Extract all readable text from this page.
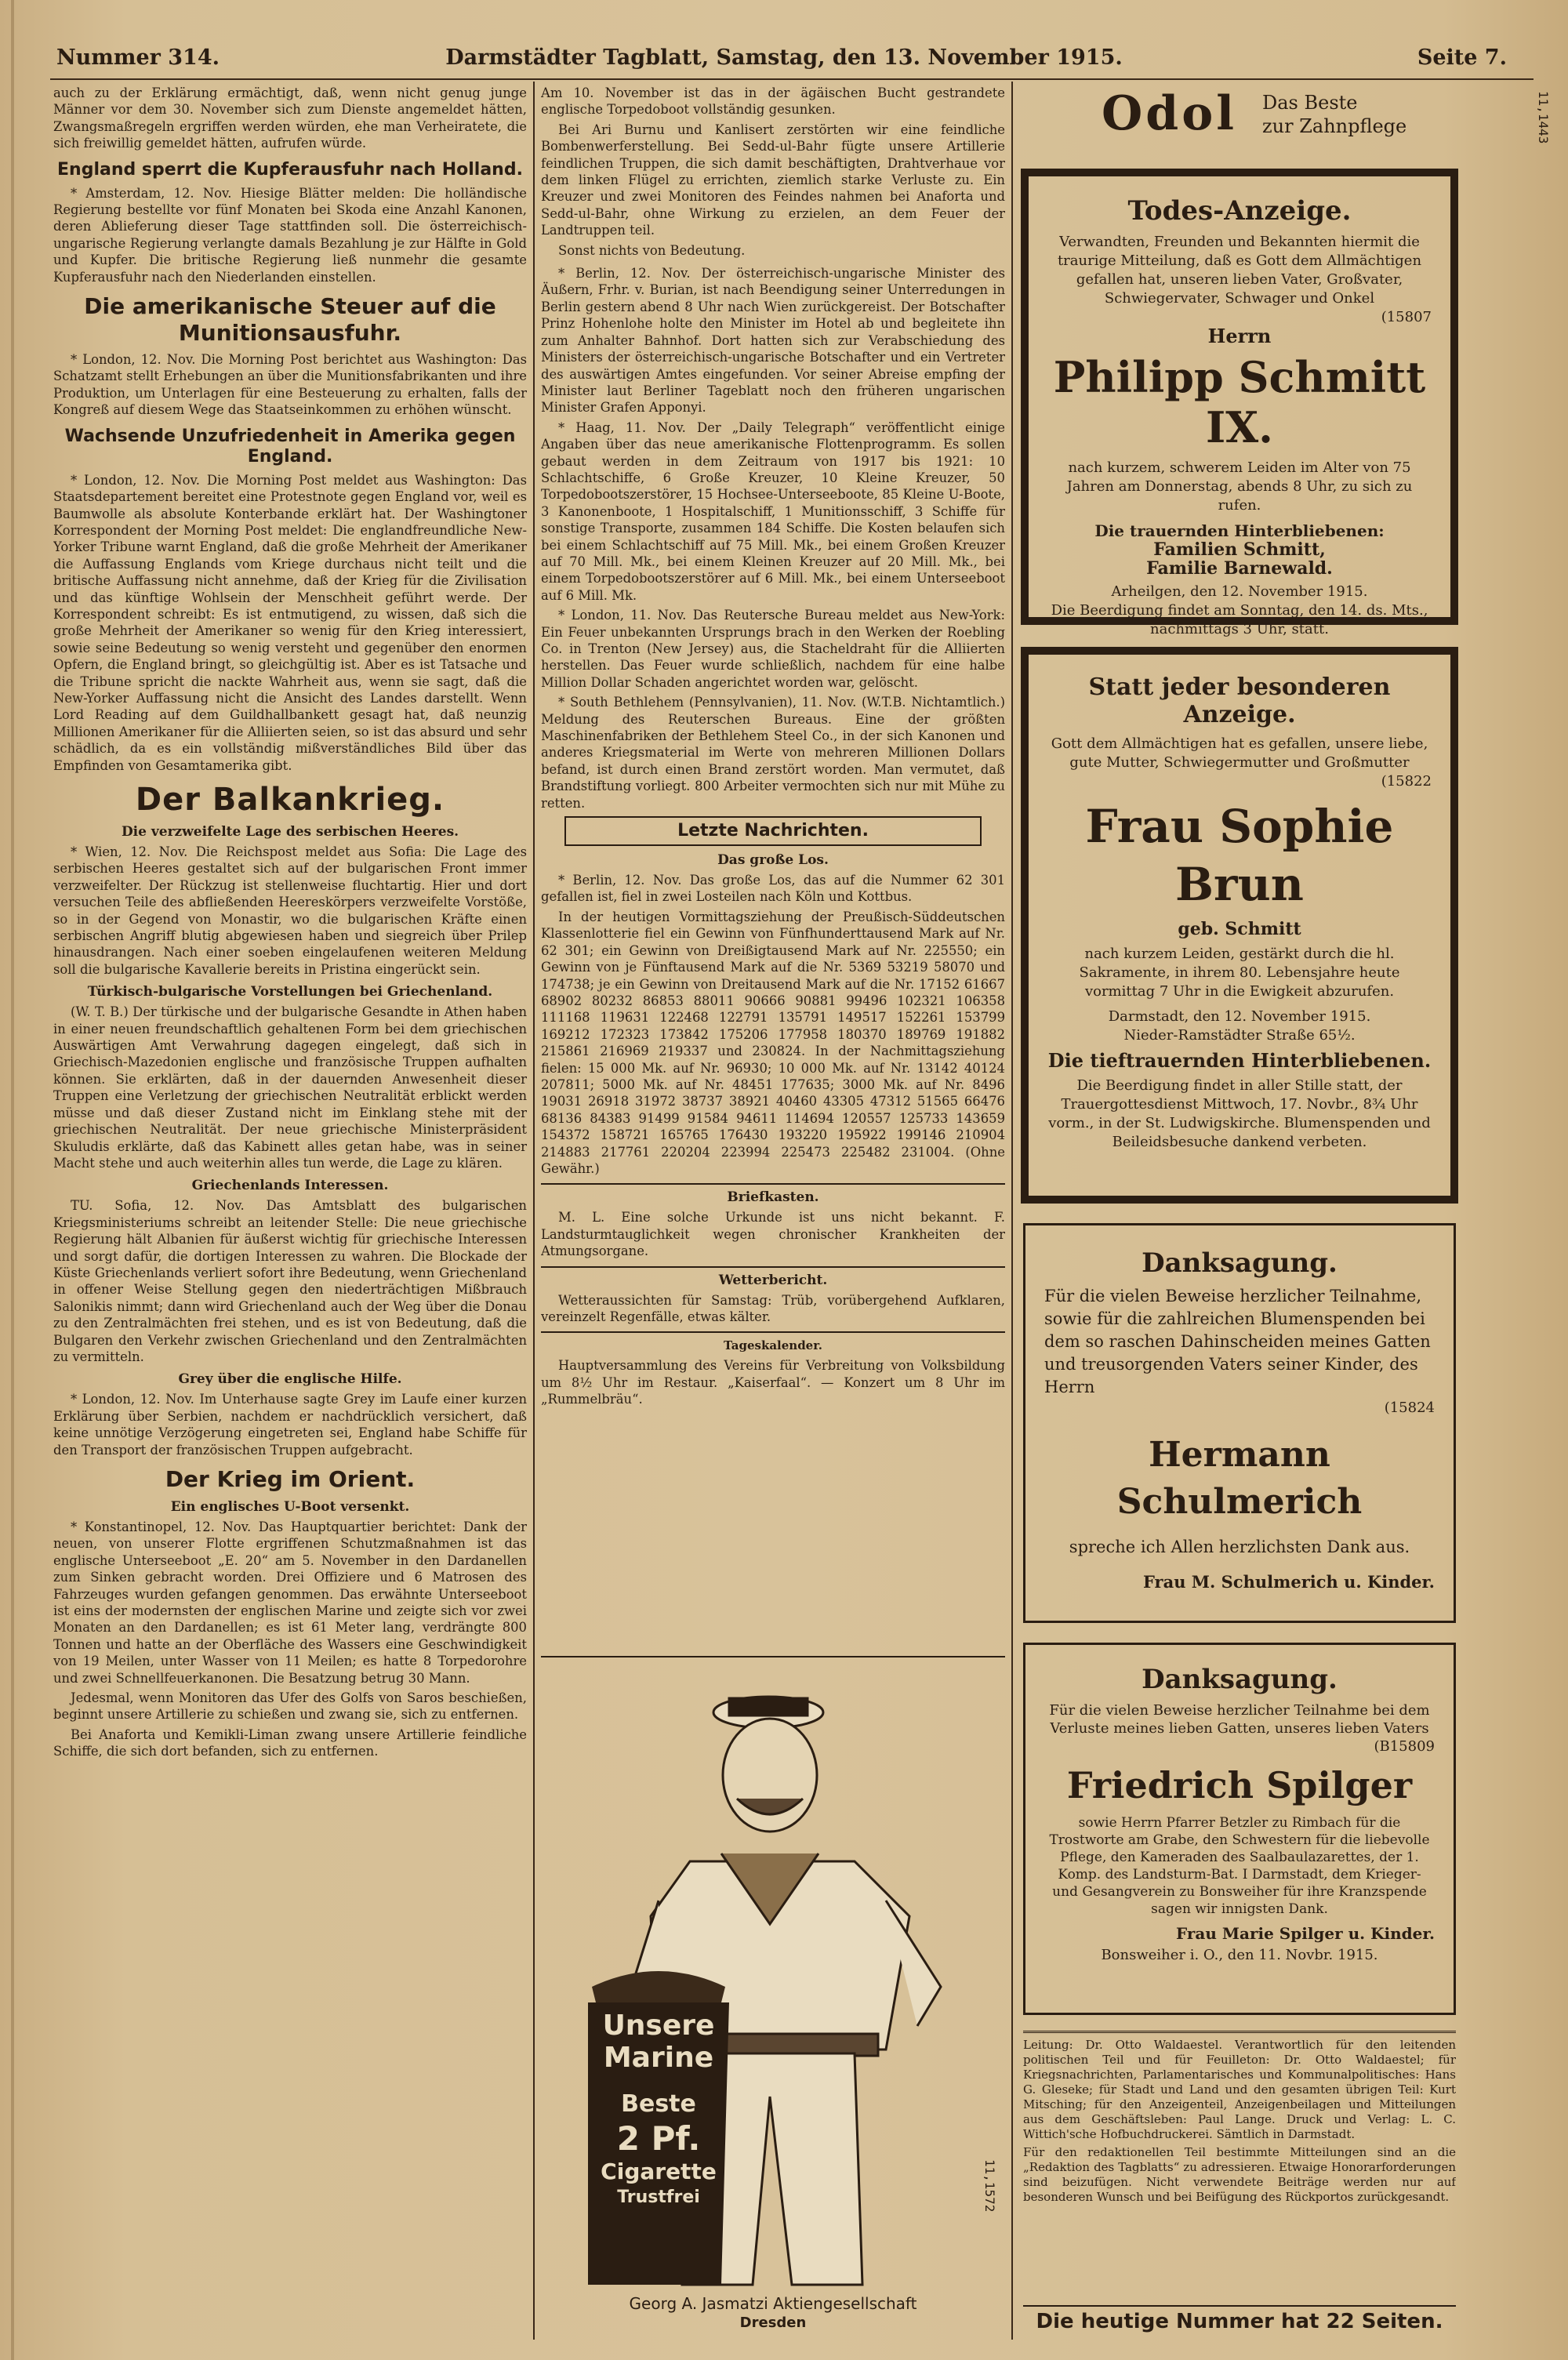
Nummer 314.	Darmstädter Tagblatt, Samstag, den 13. November 1915.	Seite 7.

auch zu der Erklärung ermächtigt, daß, wenn nicht genug junge Männer vor dem 30. November sich zum Dienste angemeldet hätten, Zwangsmaßregeln ergriffen werden würden, ehe man Verheiratete, die sich freiwillig gemeldet hätten, aufrufen würde.

England sperrt die Kupferausfuhr nach Holland.

* Amsterdam, 12. Nov. Hiesige Blätter melden: Die holländische Regierung bestellte vor fünf Monaten bei Skoda eine Anzahl Kanonen, deren Ablieferung dieser Tage stattfinden soll. Die österreichisch-ungarische Regierung verlangte damals Bezahlung je zur Hälfte in Gold und Kupfer. Die britische Regierung ließ nunmehr die gesamte Kupferausfuhr nach den Niederlanden einstellen.

Die amerikanische Steuer auf die Munitionsausfuhr.

* London, 12. Nov. Die Morning Post berichtet aus Washington: Das Schatzamt stellt Erhebungen an über die Munitionsfabrikanten und ihre Produktion, um Unterlagen für eine Besteuerung zu erhalten, falls der Kongreß auf diesem Wege das Staatseinkommen zu erhöhen wünscht.

Wachsende Unzufriedenheit in Amerika gegen England.

* London, 12. Nov. Die Morning Post meldet aus Washington: Das Staatsdepartement bereitet eine Protestnote gegen England vor, weil es Baumwolle als absolute Konterbande erklärt hat. Der Washingtoner Korrespondent der Morning Post meldet: Die englandfreundliche New-Yorker Tribune warnt England, daß die große Mehrheit der Amerikaner die Auffassung Englands vom Kriege durchaus nicht teilt und die britische Auffassung nicht annehme, daß der Krieg für die Zivilisation und das künftige Wohlsein der Menschheit geführt werde. Der Korrespondent schreibt: Es ist entmutigend, zu wissen, daß sich die große Mehrheit der Amerikaner so wenig für den Krieg interessiert, sowie seine Bedeutung so wenig versteht und gegenüber den enormen Opfern, die England bringt, so gleichgültig ist. Aber es ist Tatsache und die Tribune spricht die nackte Wahrheit aus, wenn sie sagt, daß die New-Yorker Auffassung nicht die Ansicht des Landes darstellt. Wenn Lord Reading auf dem Guildhallbankett gesagt hat, daß neunzig Millionen Amerikaner für die Alliierten seien, so ist das absurd und sehr schädlich, da es ein vollständig mißverständliches Bild über das Empfinden von Gesamtamerika gibt.

Der Balkankrieg.
Die verzweifelte Lage des serbischen Heeres.

* Wien, 12. Nov. Die Reichspost meldet aus Sofia: Die Lage des serbischen Heeres gestaltet sich auf der bulgarischen Front immer verzweifelter. Der Rückzug ist stellenweise fluchtartig. Hier und dort versuchen Teile des abfließenden Heereskörpers verzweifelte Vorstöße, so in der Gegend von Monastir, wo die bulgarischen Kräfte einen serbischen Angriff blutig abgewiesen haben und siegreich über Prilep hinausdrangen. Nach einer soeben eingelaufenen weiteren Meldung soll die bulgarische Kavallerie bereits in Pristina eingerückt sein.

Türkisch-bulgarische Vorstellungen bei Griechenland.

(W. T. B.) Der türkische und der bulgarische Gesandte in Athen haben in einer neuen freundschaftlich gehaltenen Form bei dem griechischen Auswärtigen Amt Verwahrung dagegen eingelegt, daß sich in Griechisch-Mazedonien englische und französische Truppen aufhalten können. Sie erklärten, daß in der dauernden Anwesenheit dieser Truppen eine Verletzung der griechischen Neutralität erblickt werden müsse und daß dieser Zustand nicht im Einklang stehe mit der griechischen Neutralität. Der neue griechische Ministerpräsident Skuludis erklärte, daß das Kabinett alles getan habe, was in seiner Macht stehe und auch weiterhin alles tun werde, die Lage zu klären.

Griechenlands Interessen.

TU. Sofia, 12. Nov. Das Amtsblatt des bulgarischen Kriegsministeriums schreibt an leitender Stelle: Die neue griechische Regierung hält Albanien für äußerst wichtig für griechische Interessen und sorgt dafür, die dortigen Interessen zu wahren. Die Blockade der Küste Griechenlands verliert sofort ihre Bedeutung, wenn Griechenland in offener Weise Stellung gegen den niederträchtigen Mißbrauch Salonikis nimmt; dann wird Griechenland auch der Weg über die Donau zu den Zentralmächten frei stehen, und es ist von Bedeutung, daß die Bulgaren den Verkehr zwischen Griechenland und den Zentralmächten zu vermitteln.

Grey über die englische Hilfe.

* London, 12. Nov. Im Unterhause sagte Grey im Laufe einer kurzen Erklärung über Serbien, nachdem er nachdrücklich versichert, daß keine unnötige Verzögerung eingetreten sei, England habe Schiffe für den Transport der französischen Truppen aufgebracht.

Der Krieg im Orient.
Ein englisches U-Boot versenkt.

* Konstantinopel, 12. Nov. Das Hauptquartier berichtet: Dank der neuen, von unserer Flotte ergriffenen Schutzmaßnahmen ist das englische Unterseeboot „E. 20“ am 5. November in den Dardanellen zum Sinken gebracht worden. Drei Offiziere und 6 Matrosen des Fahrzeuges wurden gefangen genommen. Das erwähnte Unterseeboot ist eins der modernsten der englischen Marine und zeigte sich vor zwei Monaten an den Dardanellen; es ist 61 Meter lang, verdrängte 800 Tonnen und hatte an der Oberfläche des Wassers eine Geschwindigkeit von 19 Meilen, unter Wasser von 11 Meilen; es hatte 8 Torpedorohre und zwei Schnellfeuerkanonen. Die Besatzung betrug 30 Mann.

Jedesmal, wenn Monitoren das Ufer des Golfs von Saros beschießen, beginnt unsere Artillerie zu schießen und zwang sie, sich zu entfernen.

Bei Anaforta und Kemikli-Liman zwang unsere Artillerie feindliche Schiffe, die sich dort befanden, sich zu entfernen.

Am 10. November ist das in der ägäischen Bucht gestrandete englische Torpedoboot vollständig gesunken.

Bei Ari Burnu und Kanlisert zerstörten wir eine feindliche Bombenwerferstellung. Bei Sedd-ul-Bahr fügte unsere Artillerie feindlichen Truppen, die sich damit beschäftigten, Drahtverhaue vor dem linken Flügel zu errichten, ziemlich starke Verluste zu. Ein Kreuzer und zwei Monitoren des Feindes nahmen bei Anaforta und Sedd-ul-Bahr, ohne Wirkung zu erzielen, an dem Feuer der Landtruppen teil.

Sonst nichts von Bedeutung.

* Berlin, 12. Nov. Der österreichisch-ungarische Minister des Äußern, Frhr. v. Burian, ist nach Beendigung seiner Unterredungen in Berlin gestern abend 8 Uhr nach Wien zurückgereist. Der Botschafter Prinz Hohenlohe holte den Minister im Hotel ab und begleitete ihn zum Anhalter Bahnhof. Dort hatten sich zur Verabschiedung des Ministers der österreichisch-ungarische Botschafter und ein Vertreter des auswärtigen Amtes eingefunden. Vor seiner Abreise empfing der Minister laut Berliner Tageblatt noch den früheren ungarischen Minister Grafen Apponyi.

* Haag, 11. Nov. Der „Daily Telegraph“ veröffentlicht einige Angaben über das neue amerikanische Flottenprogramm. Es sollen gebaut werden in dem Zeitraum von 1917 bis 1921: 10 Schlachtschiffe, 6 Große Kreuzer, 10 Kleine Kreuzer, 50 Torpedobootszerstörer, 15 Hochsee-Unterseeboote, 85 Kleine U-Boote, 3 Kanonenboote, 1 Hospitalschiff, 1 Munitionsschiff, 3 Schiffe für sonstige Transporte, zusammen 184 Schiffe. Die Kosten belaufen sich bei einem Schlachtschiff auf 75 Mill. Mk., bei einem Großen Kreuzer auf 70 Mill. Mk., bei einem Kleinen Kreuzer auf 20 Mill. Mk., bei einem Torpedobootszerstörer auf 6 Mill. Mk., bei einem Unterseeboot auf 6 Mill. Mk.

* London, 11. Nov. Das Reutersche Bureau meldet aus New-York: Ein Feuer unbekannten Ursprungs brach in den Werken der Roebling Co. in Trenton (New Jersey) aus, die Stacheldraht für die Alliierten herstellen. Das Feuer wurde schließlich, nachdem für eine halbe Million Dollar Schaden angerichtet worden war, gelöscht.

* South Bethlehem (Pennsylvanien), 11. Nov. (W.T.B. Nichtamtlich.) Meldung des Reuterschen Bureaus. Eine der größten Maschinenfabriken der Bethlehem Steel Co., in der sich Kanonen und anderes Kriegsmaterial im Werte von mehreren Millionen Dollars befand, ist durch einen Brand zerstört worden. Man vermutet, daß Brandstiftung vorliegt. 800 Arbeiter vermochten sich nur mit Mühe zu retten.

Letzte Nachrichten.
Das große Los.

* Berlin, 12. Nov. Das große Los, das auf die Nummer 62 301 gefallen ist, fiel in zwei Losteilen nach Köln und Kottbus.

In der heutigen Vormittagsziehung der Preußisch-Süddeutschen Klassenlotterie fiel ein Gewinn von Fünfhunderttausend Mark auf Nr. 62 301; ein Gewinn von Dreißigtausend Mark auf Nr. 225550; ein Gewinn von je Fünftausend Mark auf die Nr. 5369 53219 58070 und 174738; je ein Gewinn von Dreitausend Mark auf die Nr. 17152 61667 68902 80232 86853 88011 90666 90881 99496 102321 106358 111168 119631 122468 122791 135791 149517 152261 153799 169212 172323 173842 175206 177958 180370 189769 191882 215861 216969 219337 und 230824. In der Nachmittagsziehung fielen: 15 000 Mk. auf Nr. 96930; 10 000 Mk. auf Nr. 13142 40124 207811; 5000 Mk. auf Nr. 48451 177635; 3000 Mk. auf Nr. 8496 19031 26918 31972 38737 38921 40460 43305 47312 51565 66476 68136 84383 91499 91584 94611 114694 120557 125733 143659 154372 158721 165765 176430 193220 195922 199146 210904 214883 217761 220204 223994 225473 225482 231004. (Ohne Gewähr.)

Briefkasten.

M. L. Eine solche Urkunde ist uns nicht bekannt. F. Landsturmtauglichkeit wegen chronischer Krankheiten der Atmungsorgane.

Wetterbericht.

Wetteraussichten für Samstag: Trüb, vorübergehend Aufklaren, vereinzelt Regenfälle, etwas kälter.

Tageskalender.

Hauptversammlung des Vereins für Verbreitung von Volksbildung um 8½ Uhr im Restaur. „Kaiserfaal“. — Konzert um 8 Uhr im „Rummelbräu“.

Unsere
Marine
Beste
2 Pf.
Cigarette
Trustfrei	11,1572
Georg A. Jasmatzi Aktiengesellschaft
Dresden
Odol Das Beste
zur Zahnpflege	11,1443
Todes-Anzeige.

Verwandten, Freunden und Bekannten hiermit die traurige Mitteilung, daß es Gott dem Allmächtigen gefallen hat, unseren lieben Vater, Großvater, Schwiegervater, Schwager und Onkel

(15807

Herrn

Philipp Schmitt IX.

nach kurzem, schwerem Leiden im Alter von 75 Jahren am Donnerstag, abends 8 Uhr, zu sich zu rufen.

Die trauernden Hinterbliebenen:

Familien Schmitt,

Familie Barnewald.

Arheilgen, den 12. November 1915.

Die Beerdigung findet am Sonntag, den 14. ds. Mts., nachmittags 3 Uhr, statt.

Statt jeder besonderen Anzeige.

Gott dem Allmächtigen hat es gefallen, unsere liebe, gute Mutter, Schwiegermutter und Großmutter

(15822

Frau Sophie Brun

geb. Schmitt

nach kurzem Leiden, gestärkt durch die hl. Sakramente, in ihrem 80. Lebensjahre heute vormittag 7 Uhr in die Ewigkeit abzurufen.

Darmstadt, den 12. November 1915.

Nieder-Ramstädter Straße 65½.

Die tieftrauernden Hinterbliebenen.

Die Beerdigung findet in aller Stille statt, der Trauergottesdienst Mittwoch, 17. Novbr., 8¾ Uhr vorm., in der St. Ludwigskirche. Blumenspenden und Beileidsbesuche dankend verbeten.

Danksagung.

Für die vielen Beweise herzlicher Teilnahme, sowie für die zahlreichen Blumenspenden bei dem so raschen Dahinscheiden meines Gatten und treusorgenden Vaters seiner Kinder, des Herrn

(15824

Hermann Schulmerich

spreche ich Allen herzlichsten Dank aus.

Frau M. Schulmerich u. Kinder.

Danksagung.

Für die vielen Beweise herzlicher Teilnahme bei dem Verluste meines lieben Gatten, unseres lieben Vaters

(B15809

Friedrich Spilger

sowie Herrn Pfarrer Betzler zu Rimbach für die Trostworte am Grabe, den Schwestern für die liebevolle Pflege, den Kameraden des Saalbaulazarettes, der 1. Komp. des Landsturm-Bat. I Darmstadt, dem Krieger- und Gesangverein zu Bonsweiher für ihre Kranzspende sagen wir innigsten Dank.

Frau Marie Spilger u. Kinder.

Bonsweiher i. O., den 11. Novbr. 1915.

Leitung: Dr. Otto Waldaestel. Verantwortlich für den leitenden politischen Teil und für Feuilleton: Dr. Otto Waldaestel; für Kriegsnachrichten, Parlamentarisches und Kommunalpolitisches: Hans G. Gleseke; für Stadt und Land und den gesamten übrigen Teil: Kurt Mitsching; für den Anzeigenteil, Anzeigenbeilagen und Mitteilungen aus dem Geschäftsleben: Paul Lange. Druck und Verlag: L. C. Wittich'sche Hofbuchdruckerei. Sämtlich in Darmstadt.

Für den redaktionellen Teil bestimmte Mitteilungen sind an die „Redaktion des Tagblatts“ zu adressieren. Etwaige Honorarforderungen sind beizufügen. Nicht verwendete Beiträge werden nur auf besonderen Wunsch und bei Beifügung des Rückportos zurückgesandt.

Die heutige Nummer hat 22 Seiten.
